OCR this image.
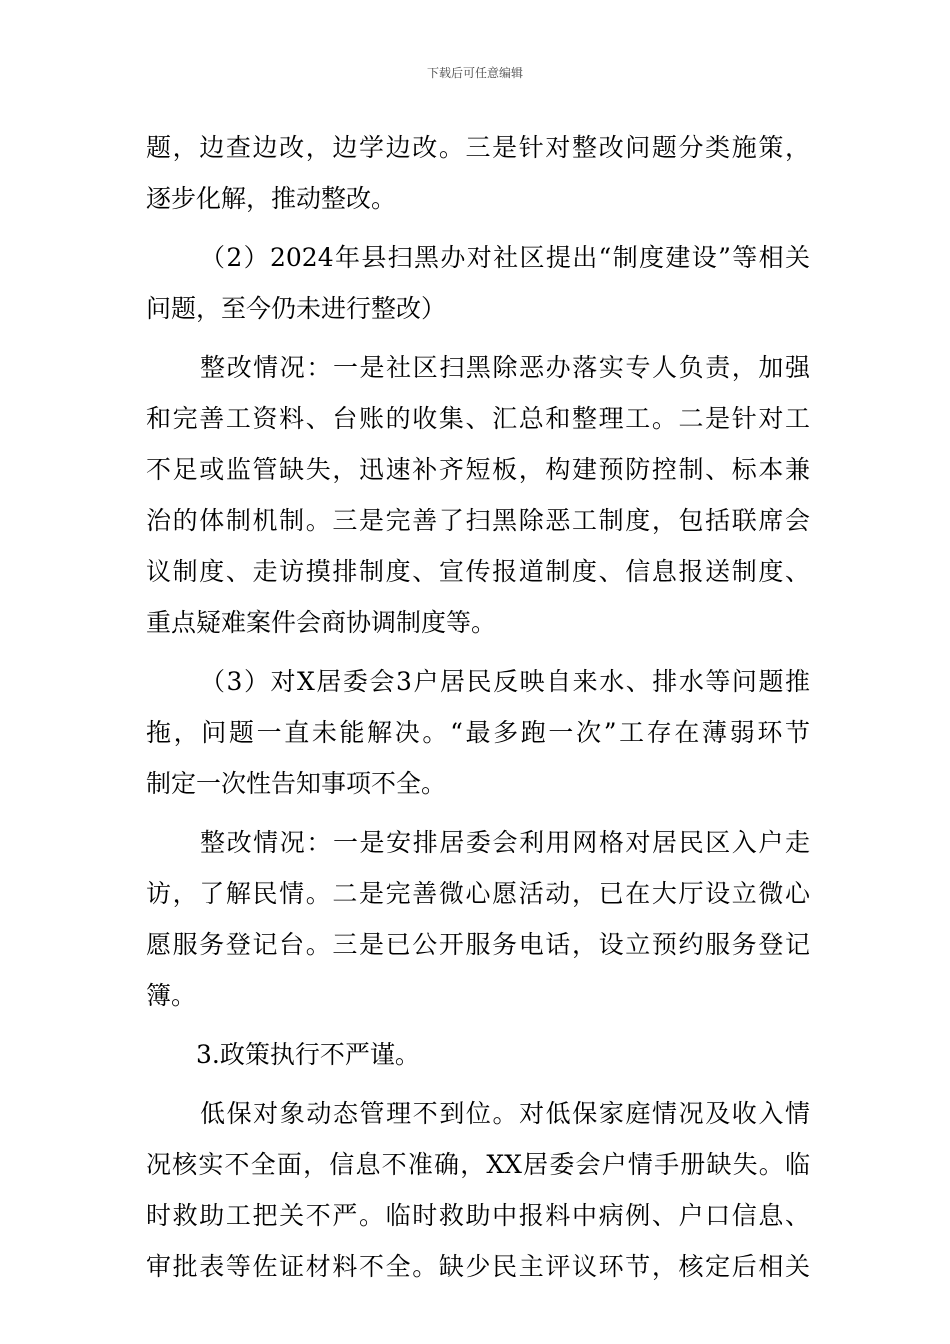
下载后可任意编辑
题，边查边改，边学边改。三是针对整改问题分类施策，
逐步化解，推动整改。
（2）2024年县扫黑办对社区提出“制度建设”等相关
问题，至今仍未进行整改）
整改情况：一是社区扫黑除恶办落实专人负责，加强
和完善工资料、台账的收集、汇总和整理工。二是针对工
不足或监管缺失，迅速补齐短板，构建预防控制、标本兼
治的体制机制。三是完善了扫黑除恶工制度，包括联席会
议制度、走访摸排制度、宣传报道制度、信息报送制度、
重点疑难案件会商协调制度等。
（3）对X居委会3户居民反映自来水、排水等问题推
拖，问题一直未能解决。“最多跑一次”工存在薄弱环节
制定一次性告知事项不全。
整改情况：一是安排居委会利用网格对居民区入户走
访，了解民情。二是完善微心愿活动，已在大厅设立微心
愿服务登记台。三是已公开服务电话，设立预约服务登记
簿。
3.政策执行不严谨。
低保对象动态管理不到位。对低保家庭情况及收入情
况核实不全面，信息不准确，XX居委会户情手册缺失。临
时救助工把关不严。临时救助中报料中病例、户口信息、
审批表等佐证材料不全。缺少民主评议环节，核定后相关
